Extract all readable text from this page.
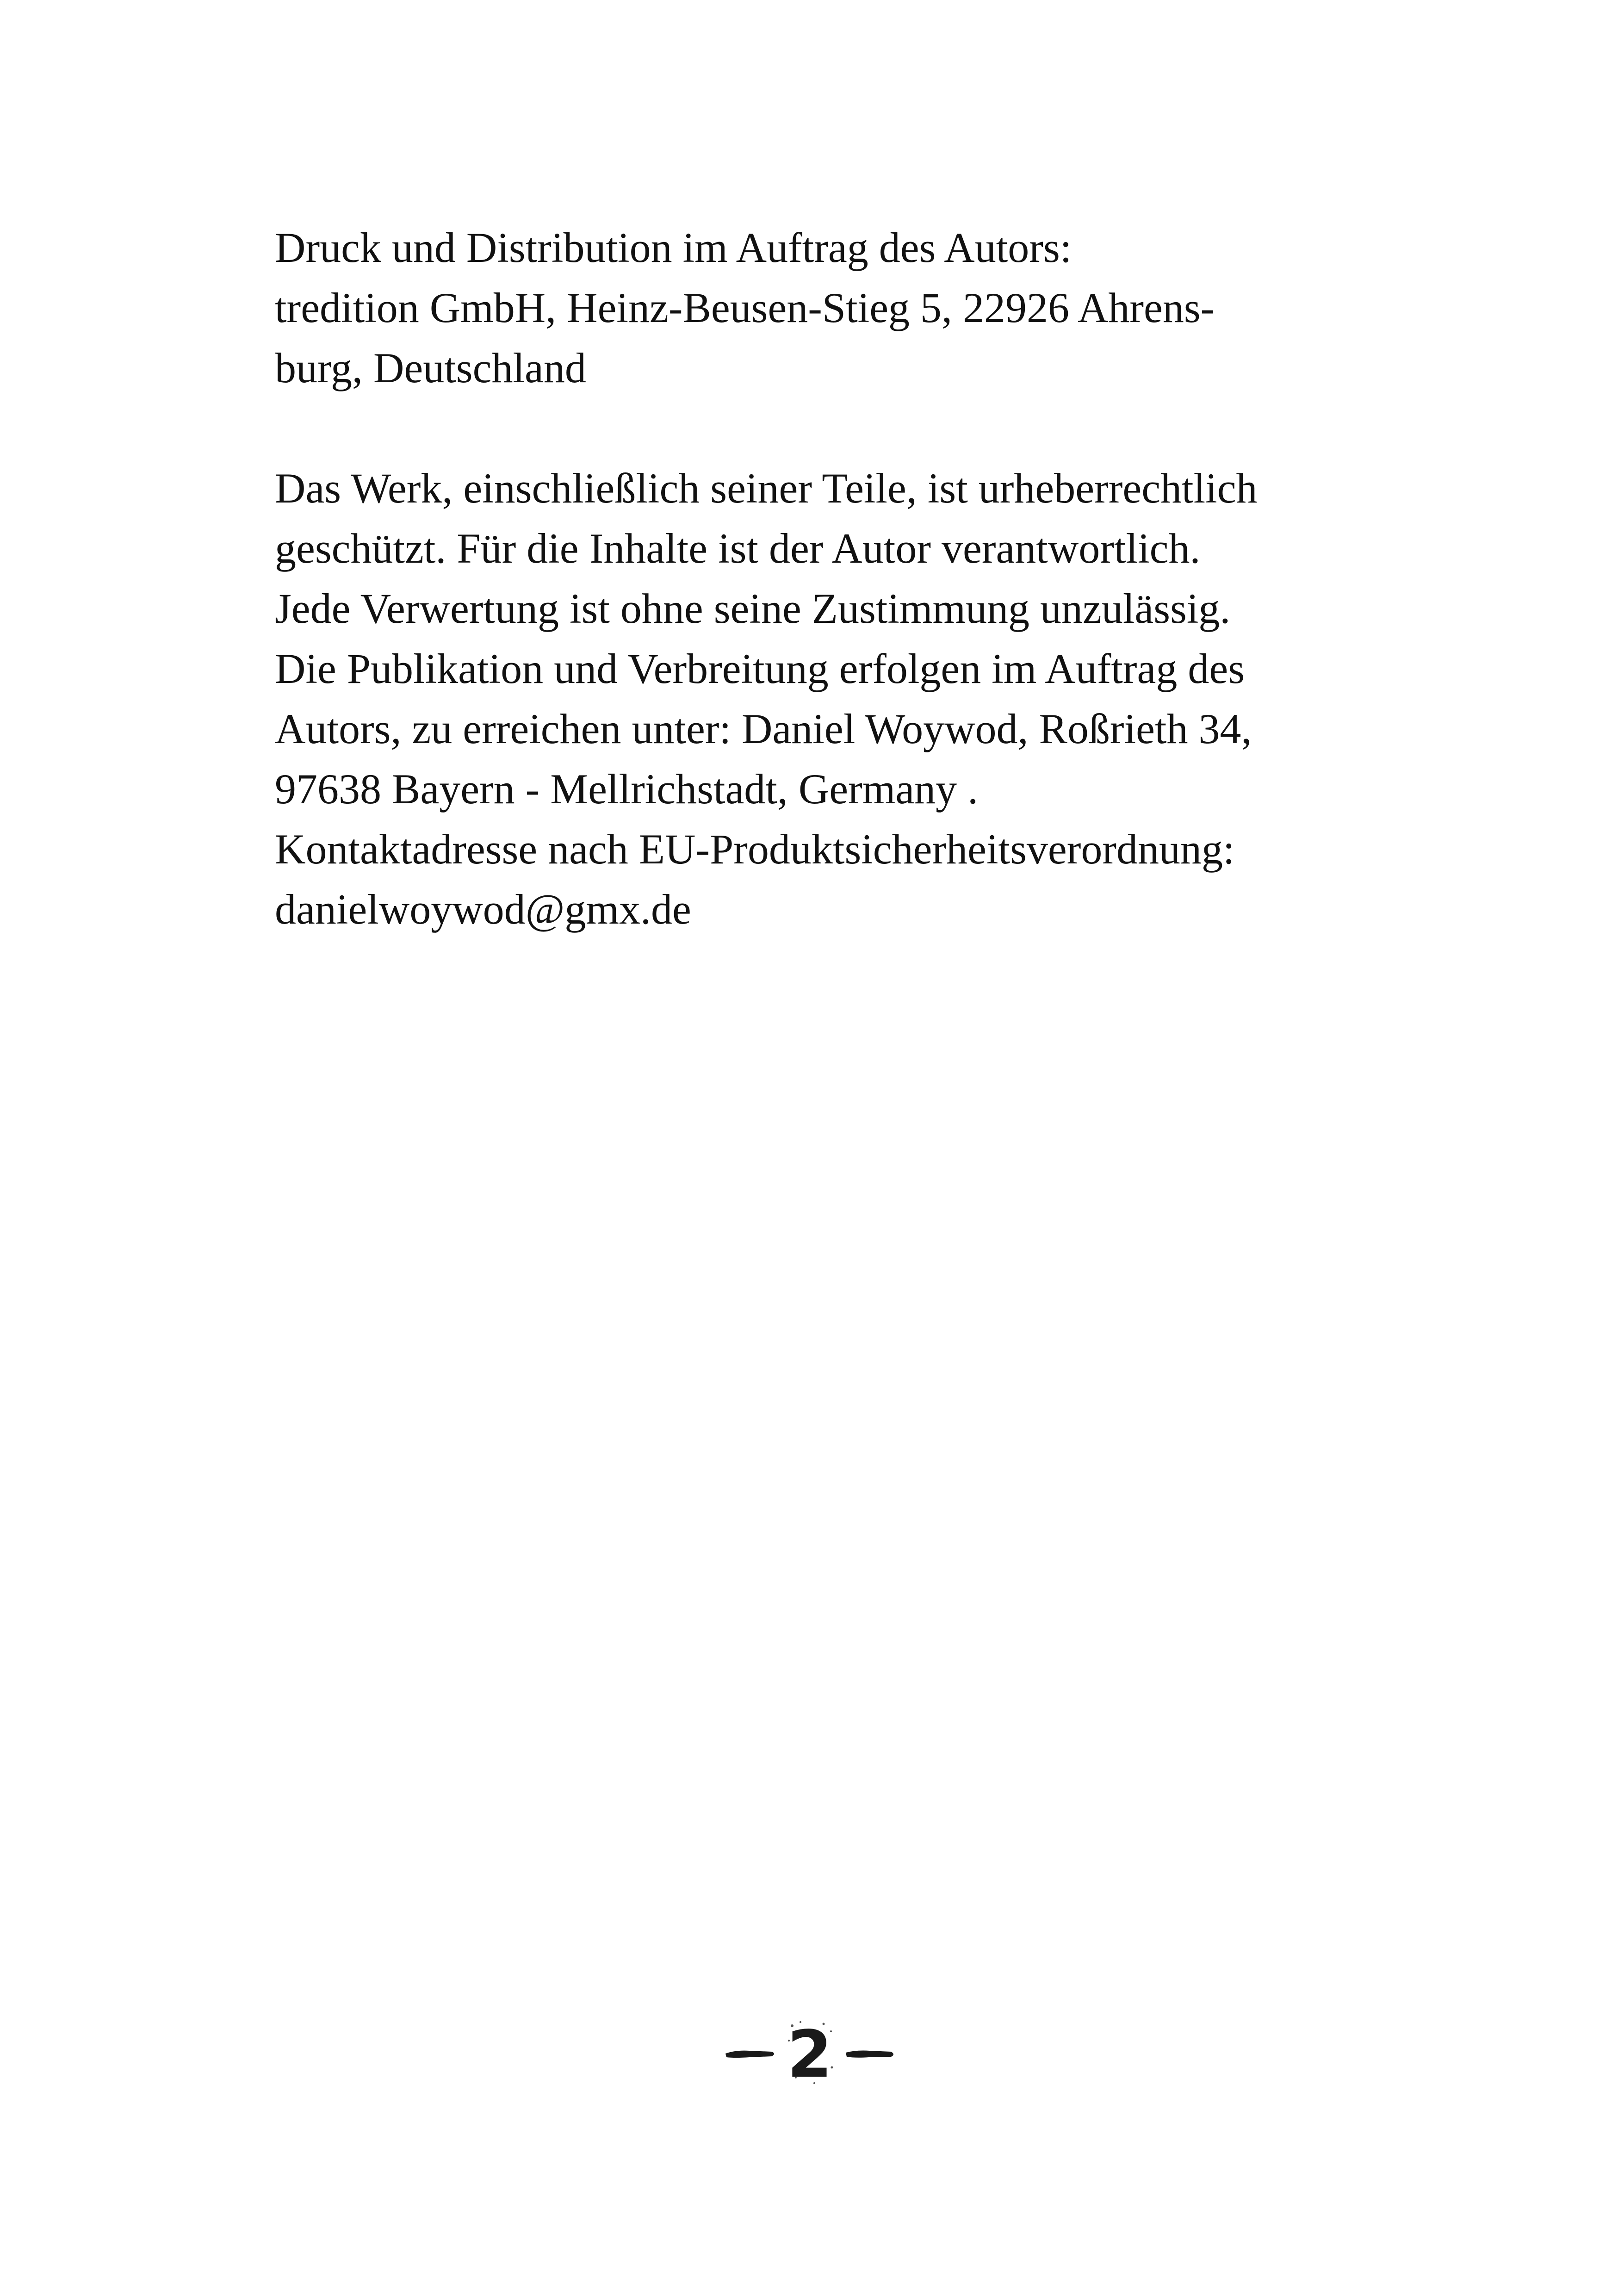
Druck und Distribution im Auftrag des Autors:
tredition GmbH, Heinz-Beusen-Stieg 5, 22926 Ahrens-
burg, Deutschland
Das Werk, einschließlich seiner Teile, ist urheberrechtlich
geschützt. Für die Inhalte ist der Autor verantwortlich.
Jede Verwertung ist ohne seine Zustimmung unzulässig.
Die Publikation und Verbreitung erfolgen im Auftrag des
Autors, zu erreichen unter: Daniel Woywod, Roßrieth 34,
97638 Bayern - Mellrichstadt, Germany .
Kontaktadresse nach EU-Produktsicherheitsverordnung:
danielwoywod@gmx.de
2
